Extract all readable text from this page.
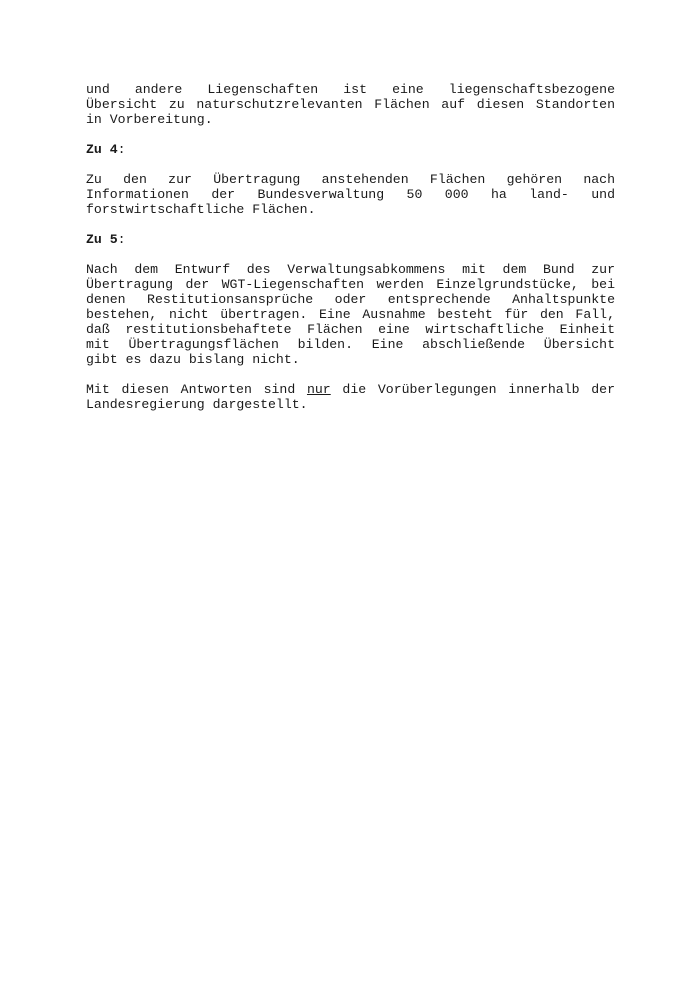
und andere Liegenschaften ist eine liegenschaftsbezogene
Übersicht zu naturschutzrelevanten Flächen auf diesen Standorten
in Vorbereitung.
Zu 4:
Zu den zur Übertragung anstehenden Flächen gehören nach
Informationen der Bundesverwaltung 50 000 ha land- und
forstwirtschaftliche Flächen.
Zu 5:
Nach dem Entwurf des Verwaltungsabkommens mit dem Bund zur
Übertragung der WGT-Liegenschaften werden Einzelgrundstücke, bei
denen Restitutionsansprüche oder entsprechende Anhaltspunkte
bestehen, nicht übertragen. Eine Ausnahme besteht für den Fall,
daß restitutionsbehaftete Flächen eine wirtschaftliche Einheit
mit Übertragungsflächen bilden. Eine abschließende Übersicht
gibt es dazu bislang nicht.
Mit diesen Antworten sind nur die Vorüberlegungen innerhalb der
Landesregierung dargestellt.
